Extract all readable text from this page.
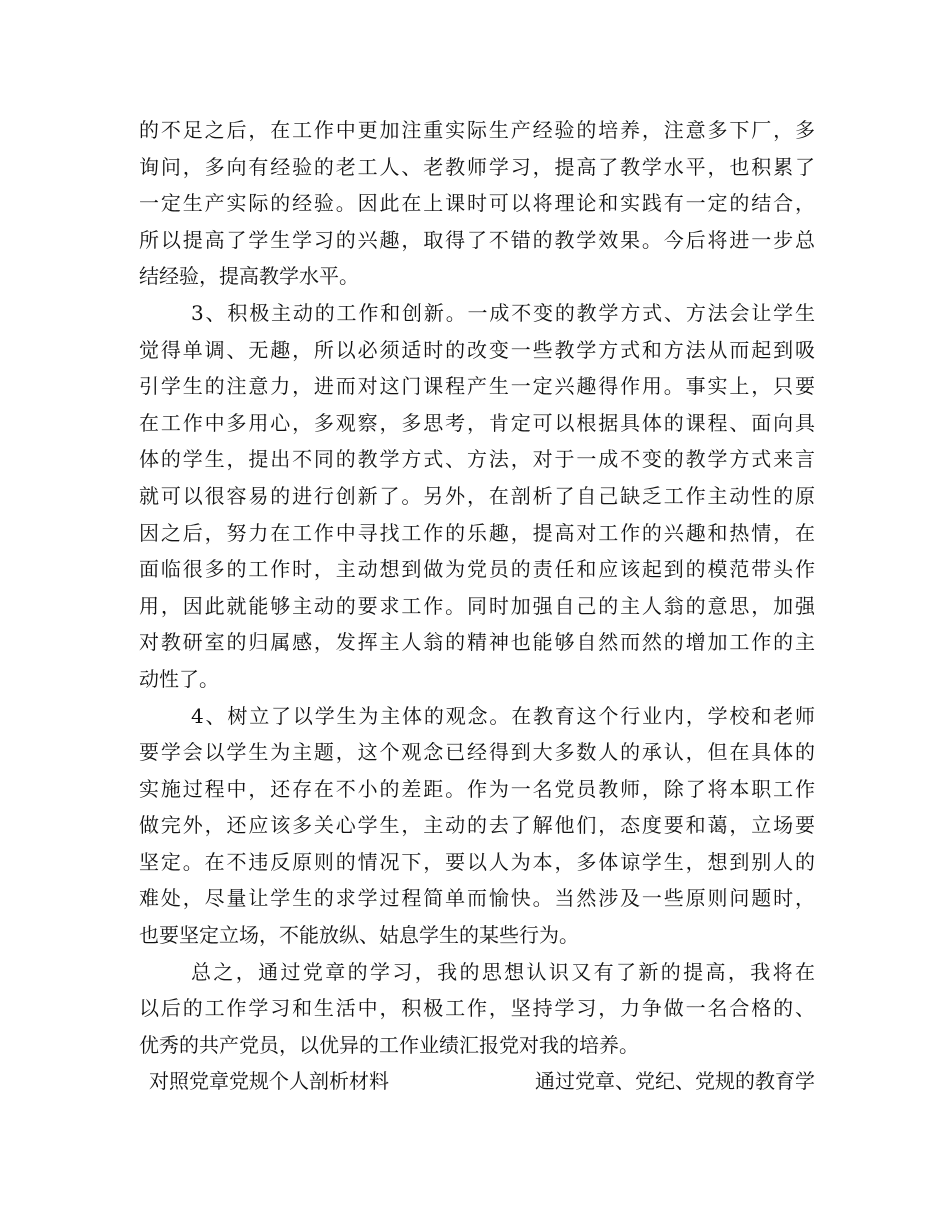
的不足之后，在工作中更加注重实际生产经验的培养，注意多下厂，多
询问，多向有经验的老工人、老教师学习，提高了教学水平，也积累了
一定生产实际的经验。因此在上课时可以将理论和实践有一定的结合，
所以提高了学生学习的兴趣，取得了不错的教学效果。今后将进一步总
结经验，提高教学水平。
3、积极主动的工作和创新。一成不变的教学方式、方法会让学生
觉得单调、无趣，所以必须适时的改变一些教学方式和方法从而起到吸
引学生的注意力，进而对这门课程产生一定兴趣得作用。事实上，只要
在工作中多用心，多观察，多思考，肯定可以根据具体的课程、面向具
体的学生，提出不同的教学方式、方法，对于一成不变的教学方式来言
就可以很容易的进行创新了。另外，在剖析了自己缺乏工作主动性的原
因之后，努力在工作中寻找工作的乐趣，提高对工作的兴趣和热情，在
面临很多的工作时，主动想到做为党员的责任和应该起到的模范带头作
用，因此就能够主动的要求工作。同时加强自己的主人翁的意思，加强
对教研室的归属感，发挥主人翁的精神也能够自然而然的增加工作的主
动性了。
4、树立了以学生为主体的观念。在教育这个行业内，学校和老师
要学会以学生为主题，这个观念已经得到大多数人的承认，但在具体的
实施过程中，还存在不小的差距。作为一名党员教师，除了将本职工作
做完外，还应该多关心学生，主动的去了解他们，态度要和蔼，立场要
坚定。在不违反原则的情况下，要以人为本，多体谅学生，想到别人的
难处，尽量让学生的求学过程简单而愉快。当然涉及一些原则问题时，
也要坚定立场，不能放纵、姑息学生的某些行为。
总之，通过党章的学习，我的思想认识又有了新的提高，我将在
以后的工作学习和生活中，积极工作，坚持学习，力争做一名合格的、
优秀的共产党员，以优异的工作业绩汇报党对我的培养。
对照党章党规个人剖析材料	通过党章、党纪、党规的教育学
